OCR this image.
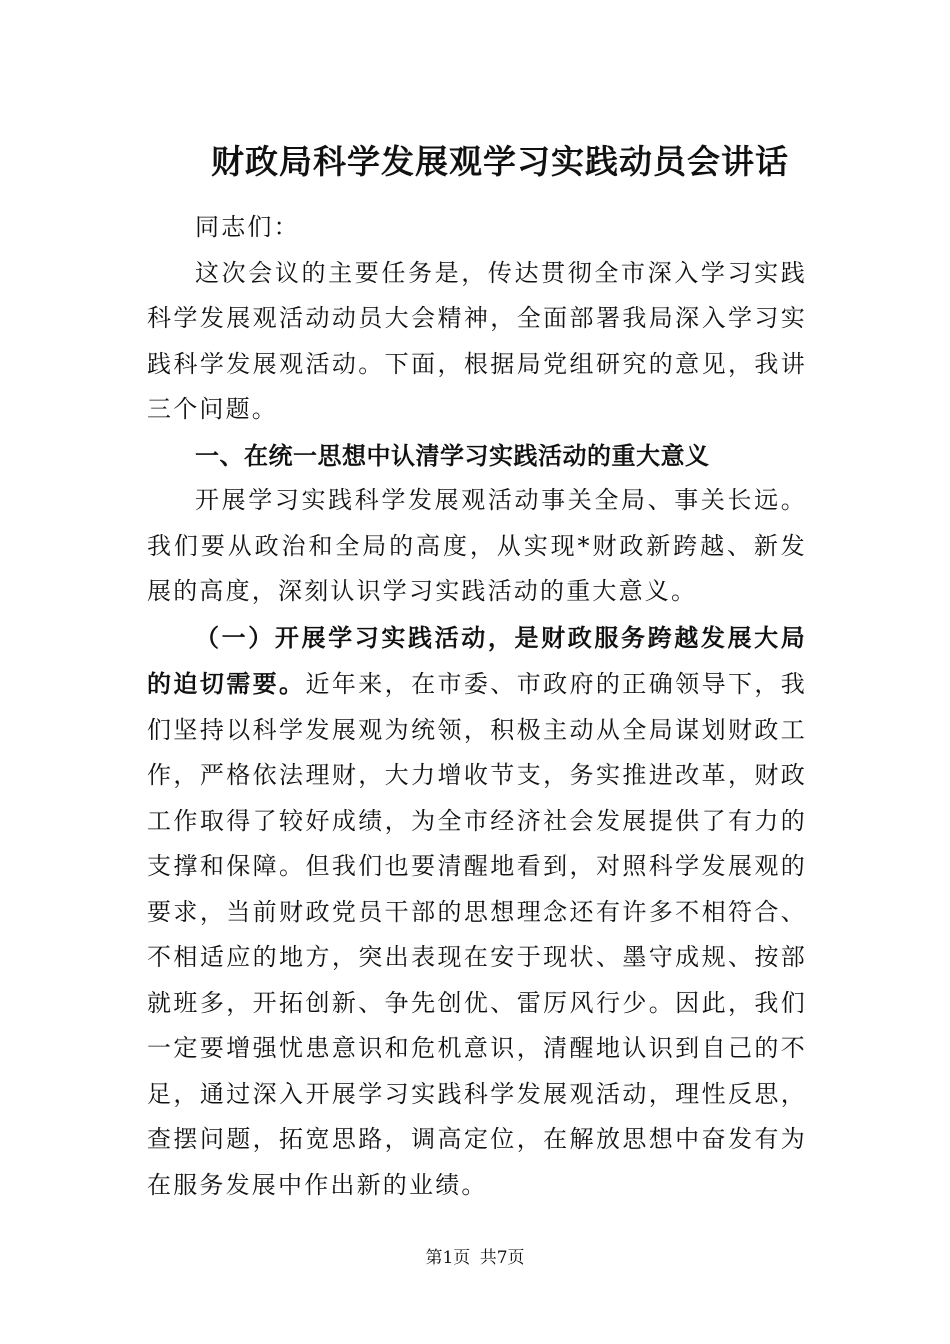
财政局科学发展观学习实践动员会讲话

同志们：

这次会议的主要任务是，传达贯彻全市深入学习实践科学发展观活动动员大会精神，全面部署我局深入学习实践科学发展观活动。下面，根据局党组研究的意见，我讲三个问题。

一、在统一思想中认清学习实践活动的重大意义

开展学习实践科学发展观活动事关全局、事关长远。我们要从政治和全局的高度，从实现*财政新跨越、新发展的高度，深刻认识学习实践活动的重大意义。

（一）开展学习实践活动，是财政服务跨越发展大局的迫切需要。近年来，在市委、市政府的正确领导下，我们坚持以科学发展观为统领，积极主动从全局谋划财政工作，严格依法理财，大力增收节支，务实推进改革，财政工作取得了较好成绩，为全市经济社会发展提供了有力的支撑和保障。但我们也要清醒地看到，对照科学发展观的要求，当前财政党员干部的思想理念还有许多不相符合、不相适应的地方，突出表现在安于现状、墨守成规、按部就班多，开拓创新、争先创优、雷厉风行少。因此，我们一定要增强忧患意识和危机意识，清醒地认识到自己的不足，通过深入开展学习实践科学发展观活动，理性反思，查摆问题，拓宽思路，调高定位，在解放思想中奋发有为在服务发展中作出新的业绩。

第1页 共7页
